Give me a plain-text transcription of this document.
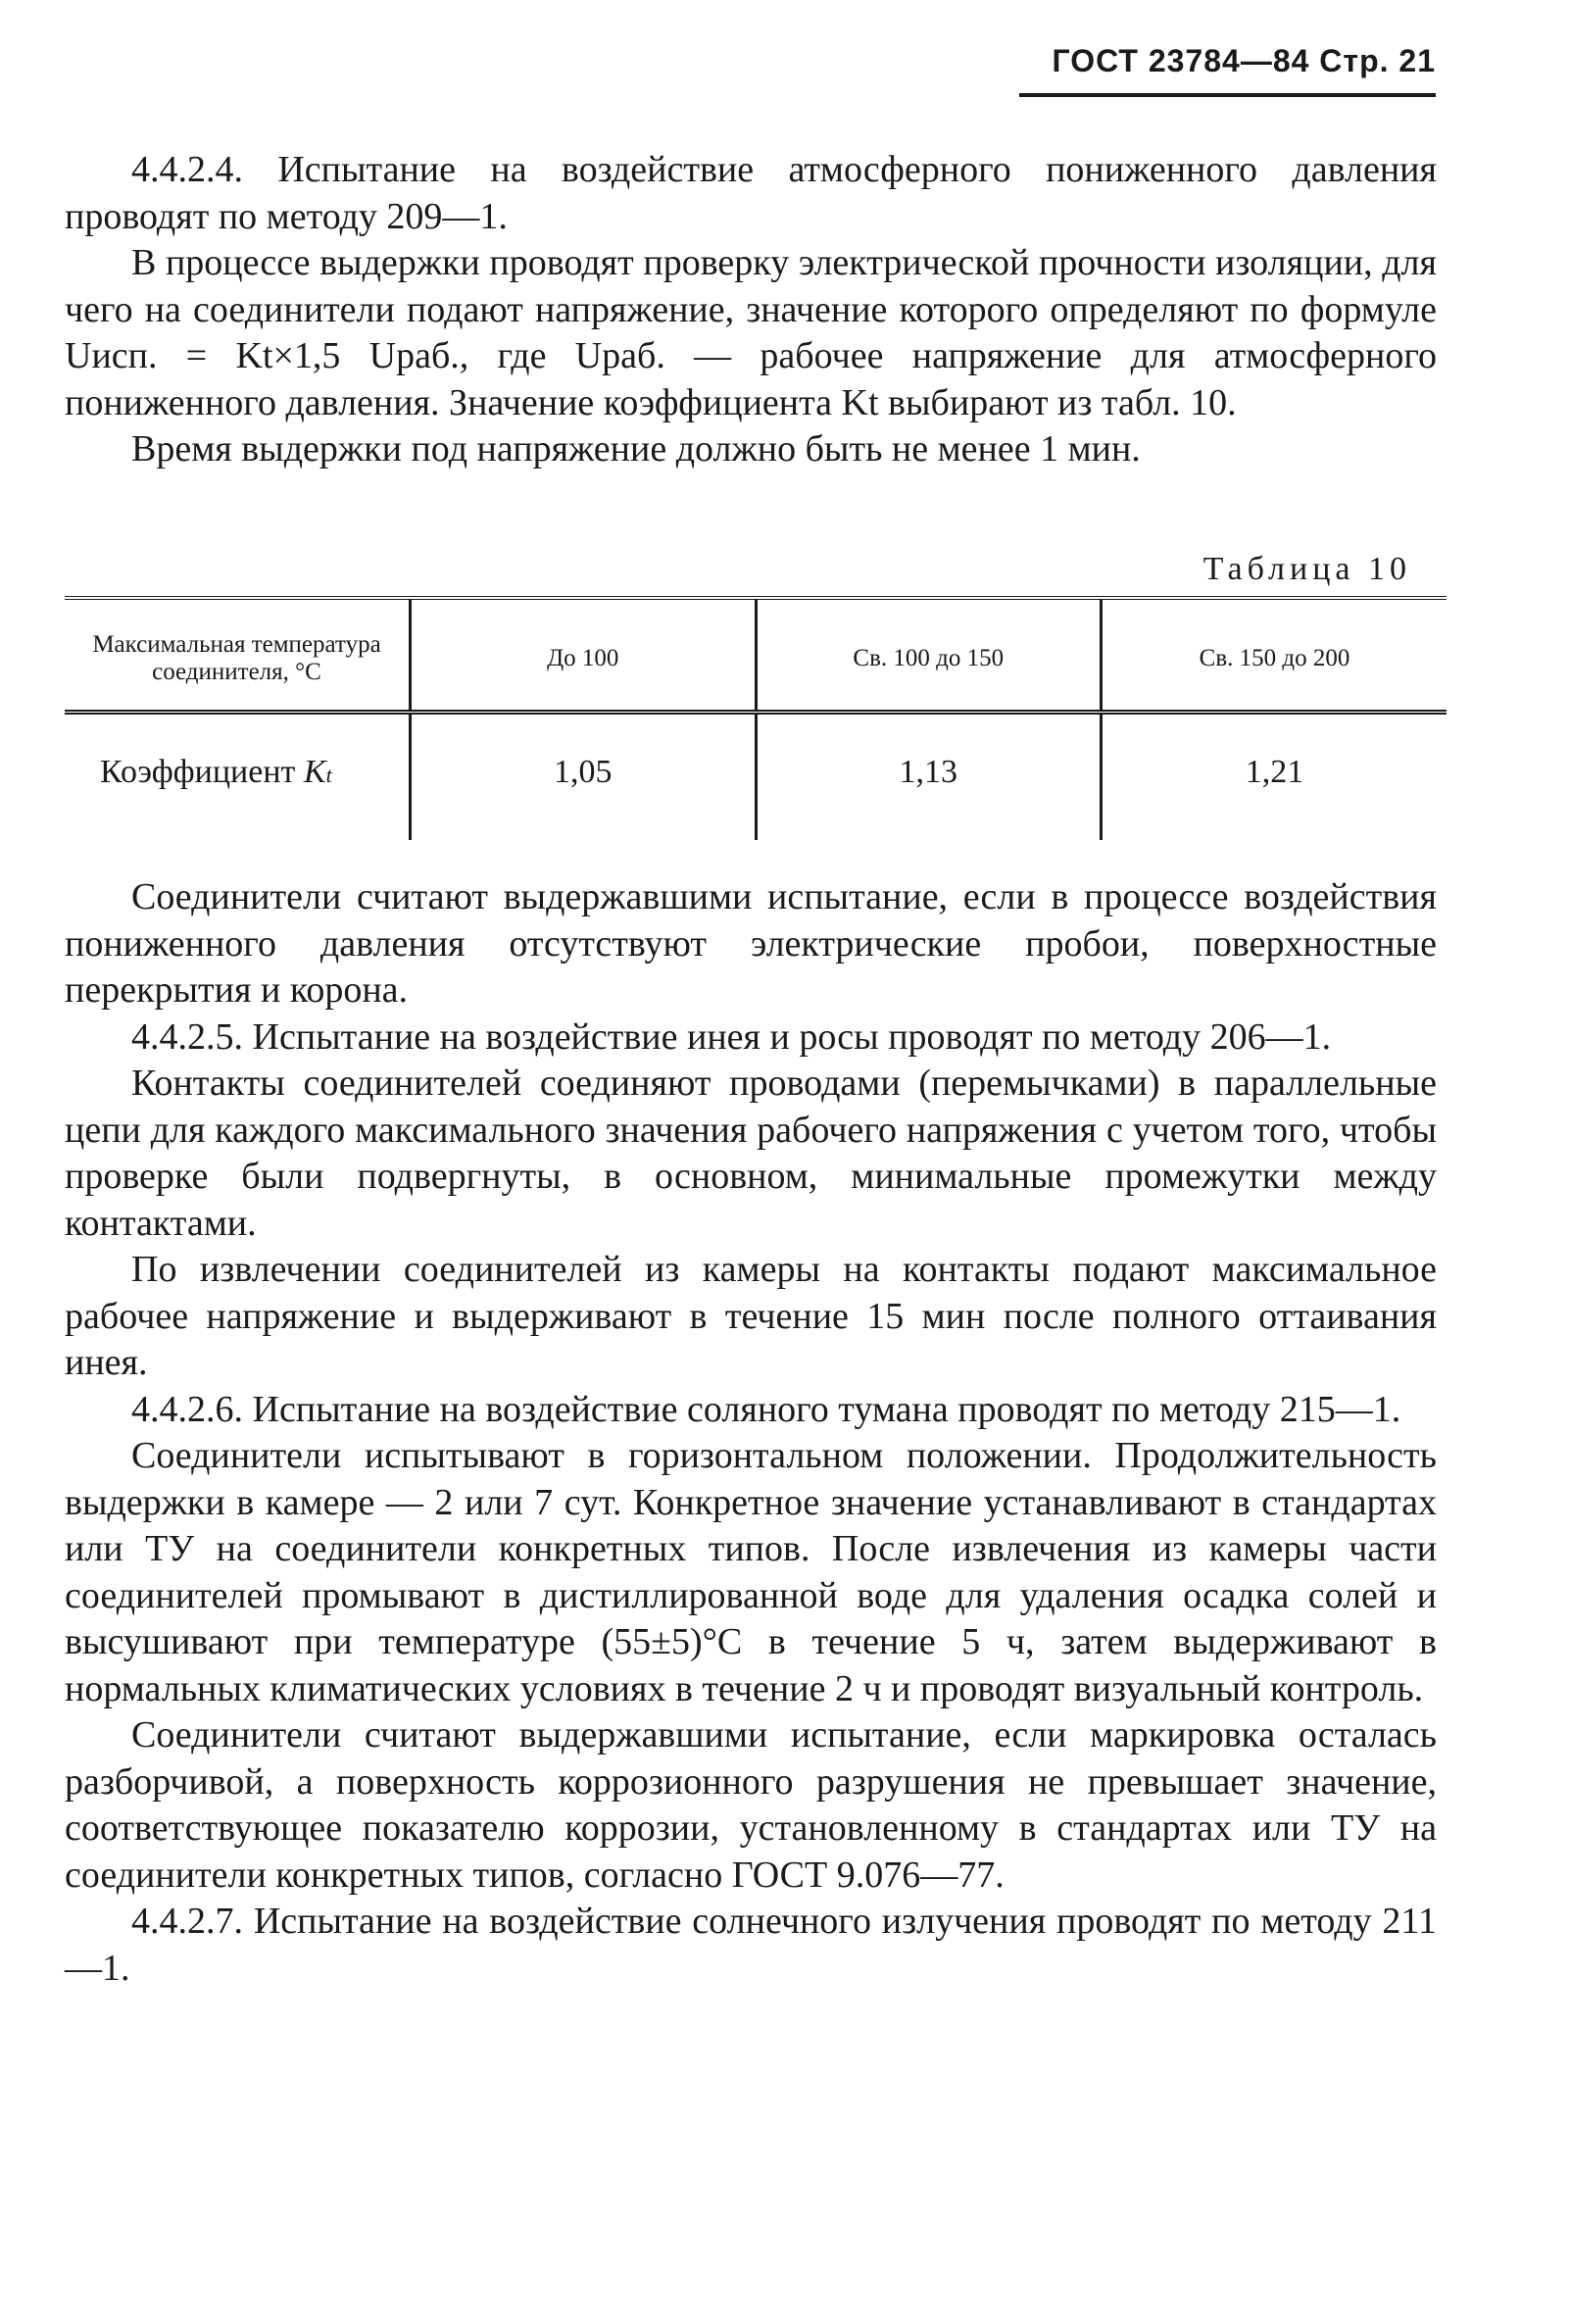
ГОСТ 23784—84 Стр. 21

4.4.2.4. Испытание на воздействие атмосферного пониженного давления проводят по методу 209—1.

В процессе выдержки проводят проверку электрической прочности изоляции, для чего на соединители подают напряжение, значение которого определяют по формуле Uисп. = Kt×1,5 Uраб., где Uраб. — рабочее напряжение для атмосферного пониженного давления. Значение коэффициента Kt выбирают из табл. 10.

Время выдержки под напряжение должно быть не менее 1 мин.

Таблица 10
Максимальная температура соединителя, °С	До 100	Св. 100 до 150	Св. 150 до 200
Коэффициент Kt	1,05	1,13	1,21

Соединители считают выдержавшими испытание, если в процессе воздействия пониженного давления отсутствуют электрические пробои, поверхностные перекрытия и корона.

4.4.2.5. Испытание на воздействие инея и росы проводят по методу 206—1.

Контакты соединителей соединяют проводами (перемычками) в параллельные цепи для каждого максимального значения рабочего напряжения с учетом того, чтобы проверке были подвергнуты, в основном, минимальные промежутки между контактами.

По извлечении соединителей из камеры на контакты подают максимальное рабочее напряжение и выдерживают в течение 15 мин после полного оттаивания инея.

4.4.2.6. Испытание на воздействие соляного тумана проводят по методу 215—1.

Соединители испытывают в горизонтальном положении. Продолжительность выдержки в камере — 2 или 7 сут. Конкретное значение устанавливают в стандартах или ТУ на соединители конкретных типов. После извлечения из камеры части соединителей промывают в дистиллированной воде для удаления осадка солей и высушивают при температуре (55±5)°С в течение 5 ч, затем выдерживают в нормальных климатических условиях в течение 2 ч и проводят визуальный контроль.

Соединители считают выдержавшими испытание, если маркировка осталась разборчивой, а поверхность коррозионного разрушения не превышает значение, соответствующее показателю коррозии, установленному в стандартах или ТУ на соединители конкретных типов, согласно ГОСТ 9.076—77.

4.4.2.7. Испытание на воздействие солнечного излучения проводят по методу 211—1.
